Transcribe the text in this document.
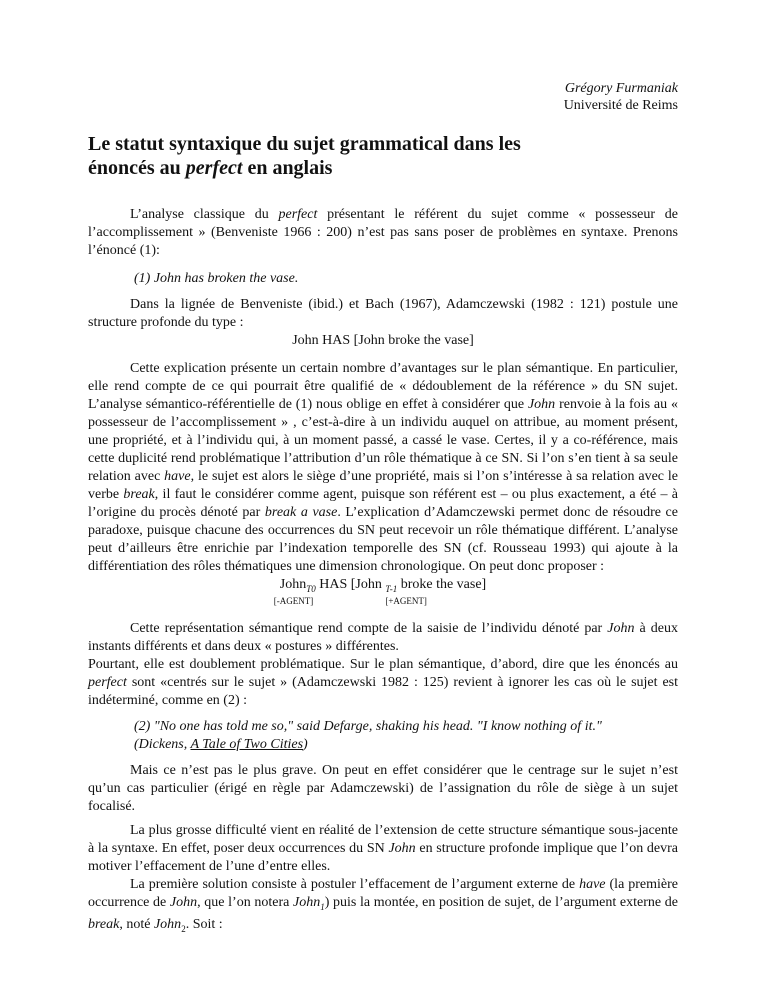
Grégory Furmaniak
Université de Reims
Le statut syntaxique du sujet grammatical dans les
énoncés au perfect en anglais

L’analyse classique du perfect présentant le référent du sujet comme « possesseur de l’accomplissement » (Benveniste 1966 : 200) n’est pas sans poser de problèmes en syntaxe. Prenons l’énoncé (1):

(1) John has broken the vase.

Dans la lignée de Benveniste (ibid.) et Bach (1967), Adamczewski (1982 : 121) postule une structure profonde du type :

John HAS [John broke the vase]

Cette explication présente un certain nombre d’avantages sur le plan sémantique. En particulier, elle rend compte de ce qui pourrait être qualifié de « dédoublement de la référence » du SN sujet. L’analyse sémantico-référentielle de (1) nous oblige en effet à considérer que John renvoie à la fois au « possesseur de l’accomplissement » , c’est-à-dire à un individu auquel on attribue, au moment présent, une propriété, et à l’individu qui, à un moment passé, a cassé le vase. Certes, il y a co-référence, mais cette duplicité rend problématique l’attribution d’un rôle thématique à ce SN. Si l’on s’en tient à sa seule relation avec have, le sujet est alors le siège d’une propriété, mais si l’on s’intéresse à sa relation avec le verbe break, il faut le considérer comme agent, puisque son référent est – ou plus exactement, a été – à l’origine du procès dénoté par break a vase. L’explication d’Adamczewski permet donc de résoudre ce paradoxe, puisque chacune des occurrences du SN peut recevoir un rôle thématique différent. L’analyse peut d’ailleurs être enrichie par l’indexation temporelle des SN (cf. Rousseau 1993) qui ajoute à la différentiation des rôles thématiques une dimension chronologique. On peut donc proposer :

John$_{T0}$
[-AGENT]
HAS [John $_{T-1}$
[+AGENT]
broke the vase]

Cette représentation sémantique rend compte de la saisie de l’individu dénoté par John à deux instants différents et dans deux « postures » différentes.

Pourtant, elle est doublement problématique. Sur le plan sémantique, d’abord, dire que les énoncés au perfect sont «centrés sur le sujet » (Adamczewski 1982 : 125) revient à ignorer les cas où le sujet est indéterminé, comme en (2) :

(2) "No one has told me so," said Defarge, shaking his head. "I know nothing of it."
(Dickens, A Tale of Two Cities)

Mais ce n’est pas le plus grave. On peut en effet considérer que le centrage sur le sujet n’est qu’un cas particulier (érigé en règle par Adamczewski) de l’assignation du rôle de siège à un sujet focalisé.

La plus grosse difficulté vient en réalité de l’extension de cette structure sémantique sous-jacente à la syntaxe. En effet, poser deux occurrences du SN John en structure profonde implique que l’on devra motiver l’effacement de l’une d’entre elles.

La première solution consiste à postuler l’effacement de l’argument externe de have (la première occurrence de John, que l’on notera John$_1$) puis la montée, en position de sujet, de l’argument externe de break, noté John$_2$. Soit :
